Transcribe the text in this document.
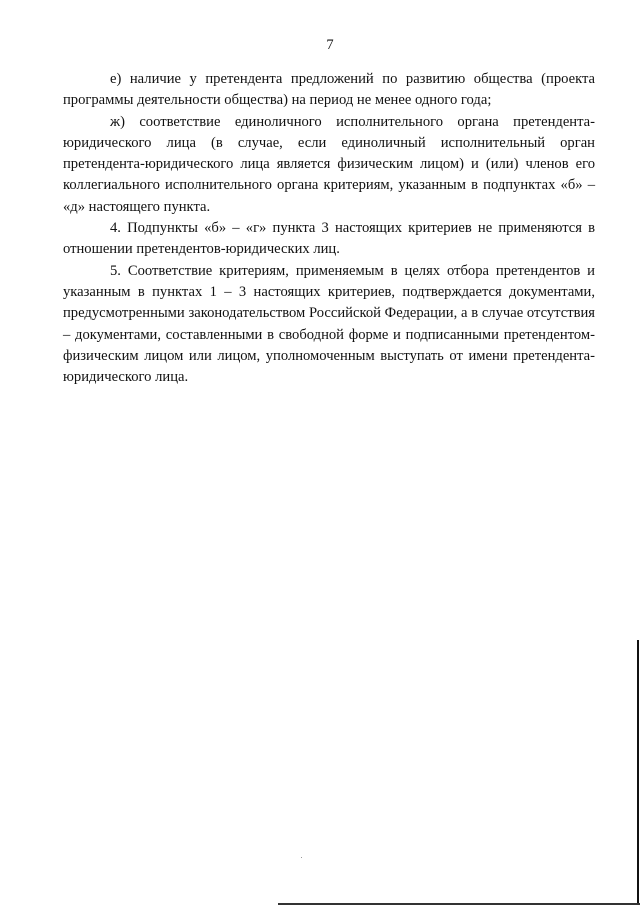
7

е) наличие у претендента предложений по развитию общества (проекта программы деятельности общества) на период не менее одного года;

ж) соответствие единоличного исполнительного органа претендента-юридического лица (в случае, если единоличный исполнительный орган претендента-юридического лица является физическим лицом) и (или) членов его коллегиального исполнительного органа критериям, указанным в подпунктах «б» – «д» настоящего пункта.

4. Подпункты «б» – «г» пункта 3 настоящих критериев не применяются в отношении претендентов-юридических лиц.

5. Соответствие критериям, применяемым в целях отбора претендентов и указанным в пунктах 1 – 3 настоящих критериев, подтверждается документами, предусмотренными законодательством Российской Федерации, а в случае отсутствия – документами, составленными в свободной форме и подписанными претендентом-физическим лицом или лицом, уполномоченным выступать от имени претендента-юридического лица.
